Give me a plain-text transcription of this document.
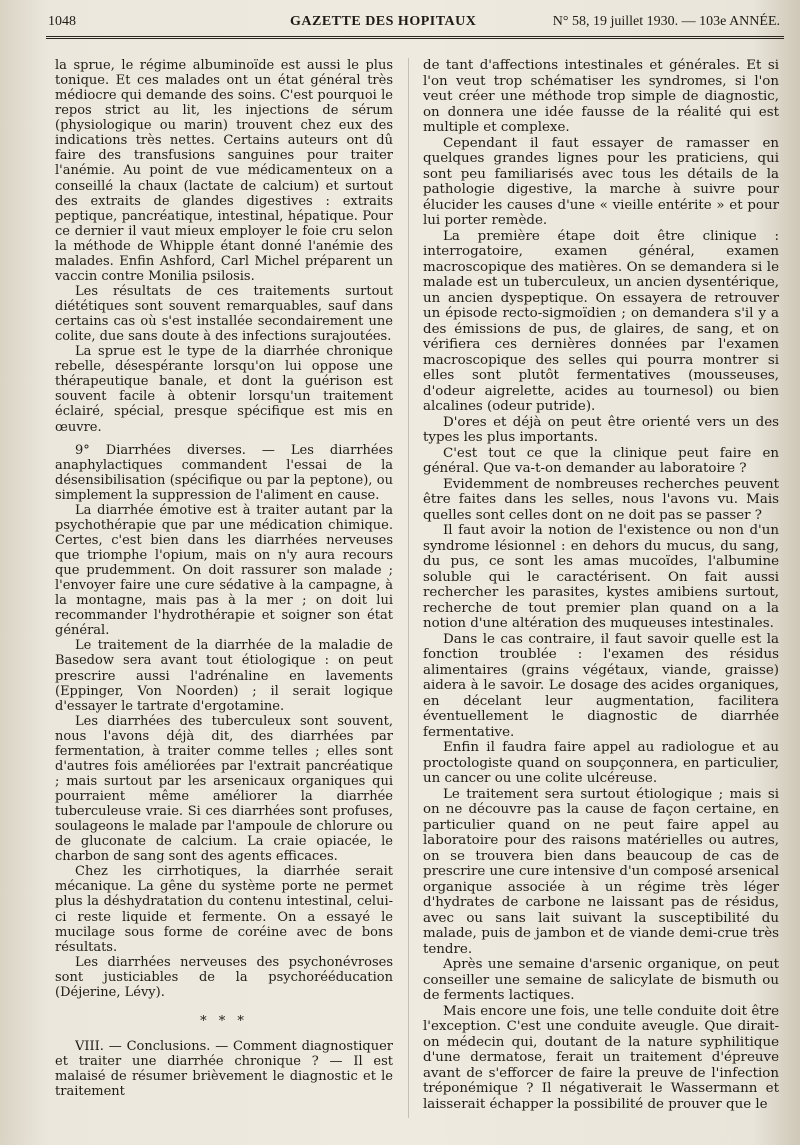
1048	GAZETTE DES HOPITAUX	N° 58, 19 juillet 1930. — 103e ANNÉE.

la sprue, le régime albuminoïde est aussi le plus tonique. Et ces malades ont un état général très médiocre qui demande des soins. C'est pourquoi le repos strict au lit, les injections de sérum (physiologique ou marin) trouvent chez eux des indications très nettes. Certains auteurs ont dû faire des transfusions sanguines pour traiter l'anémie. Au point de vue médicamenteux on a conseillé la chaux (lactate de calcium) et surtout des extraits de glandes digestives : extraits peptique, pancréatique, intestinal, hépatique. Pour ce dernier il vaut mieux employer le foie cru selon la méthode de Whipple étant donné l'anémie des malades. Enfin Ashford, Carl Michel préparent un vaccin contre Monilia psilosis.

Les résultats de ces traitements surtout diététiques sont souvent remarquables, sauf dans certains cas où s'est installée secondairement une colite, due sans doute à des infections surajoutées.

La sprue est le type de la diarrhée chronique rebelle, désespérante lorsqu'on lui oppose une thérapeutique banale, et dont la guérison est souvent facile à obtenir lorsqu'un traitement éclairé, spécial, presque spécifique est mis en œuvre.

9° Diarrhées diverses. — Les diarrhées anaphylactiques commandent l'essai de la désensibilisation (spécifique ou par la peptone), ou simplement la suppression de l'aliment en cause.

La diarrhée émotive est à traiter autant par la psychothérapie que par une médication chimique. Certes, c'est bien dans les diarrhées nerveuses que triomphe l'opium, mais on n'y aura recours que prudemment. On doit rassurer son malade ; l'envoyer faire une cure sédative à la campagne, à la montagne, mais pas à la mer ; on doit lui recommander l'hydrothérapie et soigner son état général.

Le traitement de la diarrhée de la maladie de Basedow sera avant tout étiologique : on peut prescrire aussi l'adrénaline en lavements (Eppinger, Von Noorden) ; il serait logique d'essayer le tartrate d'ergotamine.

Les diarrhées des tuberculeux sont souvent, nous l'avons déjà dit, des diarrhées par fermentation, à traiter comme telles ; elles sont d'autres fois améliorées par l'extrait pancréatique ; mais surtout par les arsenicaux organiques qui pourraient même améliorer la diarrhée tuberculeuse vraie. Si ces diarrhées sont profuses, soulageons le malade par l'ampoule de chlorure ou de gluconate de calcium. La craie opiacée, le charbon de sang sont des agents efficaces.

Chez les cirrhotiques, la diarrhée serait mécanique. La gêne du système porte ne permet plus la déshydratation du contenu intestinal, celui-ci reste liquide et fermente. On a essayé le mucilage sous forme de coréine avec de bons résultats.

Les diarrhées nerveuses des psychonévroses sont justiciables de la psychorééducation (Déjerine, Lévy).

* * *

VIII. — Conclusions. — Comment diagnostiquer et traiter une diarrhée chronique ? — Il est malaisé de résumer brièvement le diagnostic et le traitement

de tant d'affections intestinales et générales. Et si l'on veut trop schématiser les syndromes, si l'on veut créer une méthode trop simple de diagnostic, on donnera une idée fausse de la réalité qui est multiple et complexe.

Cependant il faut essayer de ramasser en quelques grandes lignes pour les praticiens, qui sont peu familiarisés avec tous les détails de la pathologie digestive, la marche à suivre pour élucider les causes d'une « vieille entérite » et pour lui porter remède.

La première étape doit être clinique : interrogatoire, examen général, examen macroscopique des matières. On se demandera si le malade est un tuberculeux, un ancien dysentérique, un ancien dyspeptique. On essayera de retrouver un épisode recto-sigmoïdien ; on demandera s'il y a des émissions de pus, de glaires, de sang, et on vérifiera ces dernières données par l'examen macroscopique des selles qui pourra montrer si elles sont plutôt fermentatives (mousseuses, d'odeur aigrelette, acides au tournesol) ou bien alcalines (odeur putride).

D'ores et déjà on peut être orienté vers un des types les plus importants.

C'est tout ce que la clinique peut faire en général. Que va-t-on demander au laboratoire ?

Evidemment de nombreuses recherches peuvent être faites dans les selles, nous l'avons vu. Mais quelles sont celles dont on ne doit pas se passer ?

Il faut avoir la notion de l'existence ou non d'un syndrome lésionnel : en dehors du mucus, du sang, du pus, ce sont les amas mucoïdes, l'albumine soluble qui le caractérisent. On fait aussi rechercher les parasites, kystes amibiens surtout, recherche de tout premier plan quand on a la notion d'une altération des muqueuses intestinales.

Dans le cas contraire, il faut savoir quelle est la fonction troublée : l'examen des résidus alimentaires (grains végétaux, viande, graisse) aidera à le savoir. Le dosage des acides organiques, en décelant leur augmentation, facilitera éventuellement le diagnostic de diarrhée fermentative.

Enfin il faudra faire appel au radiologue et au proctologiste quand on soupçonnera, en particulier, un cancer ou une colite ulcéreuse.

Le traitement sera surtout étiologique ; mais si on ne découvre pas la cause de façon certaine, en particulier quand on ne peut faire appel au laboratoire pour des raisons matérielles ou autres, on se trouvera bien dans beaucoup de cas de prescrire une cure intensive d'un composé arsenical organique associée à un régime très léger d'hydrates de carbone ne laissant pas de résidus, avec ou sans lait suivant la susceptibilité du malade, puis de jambon et de viande demi-crue très tendre.

Après une semaine d'arsenic organique, on peut conseiller une semaine de salicylate de bismuth ou de ferments lactiques.

Mais encore une fois, une telle conduite doit être l'exception. C'est une conduite aveugle. Que dirait-on médecin qui, doutant de la nature syphilitique d'une dermatose, ferait un traitement d'épreuve avant de s'efforcer de faire la preuve de l'infection tréponémique ? Il négativerait le Wassermann et laisserait échapper la possibilité de prouver que le
